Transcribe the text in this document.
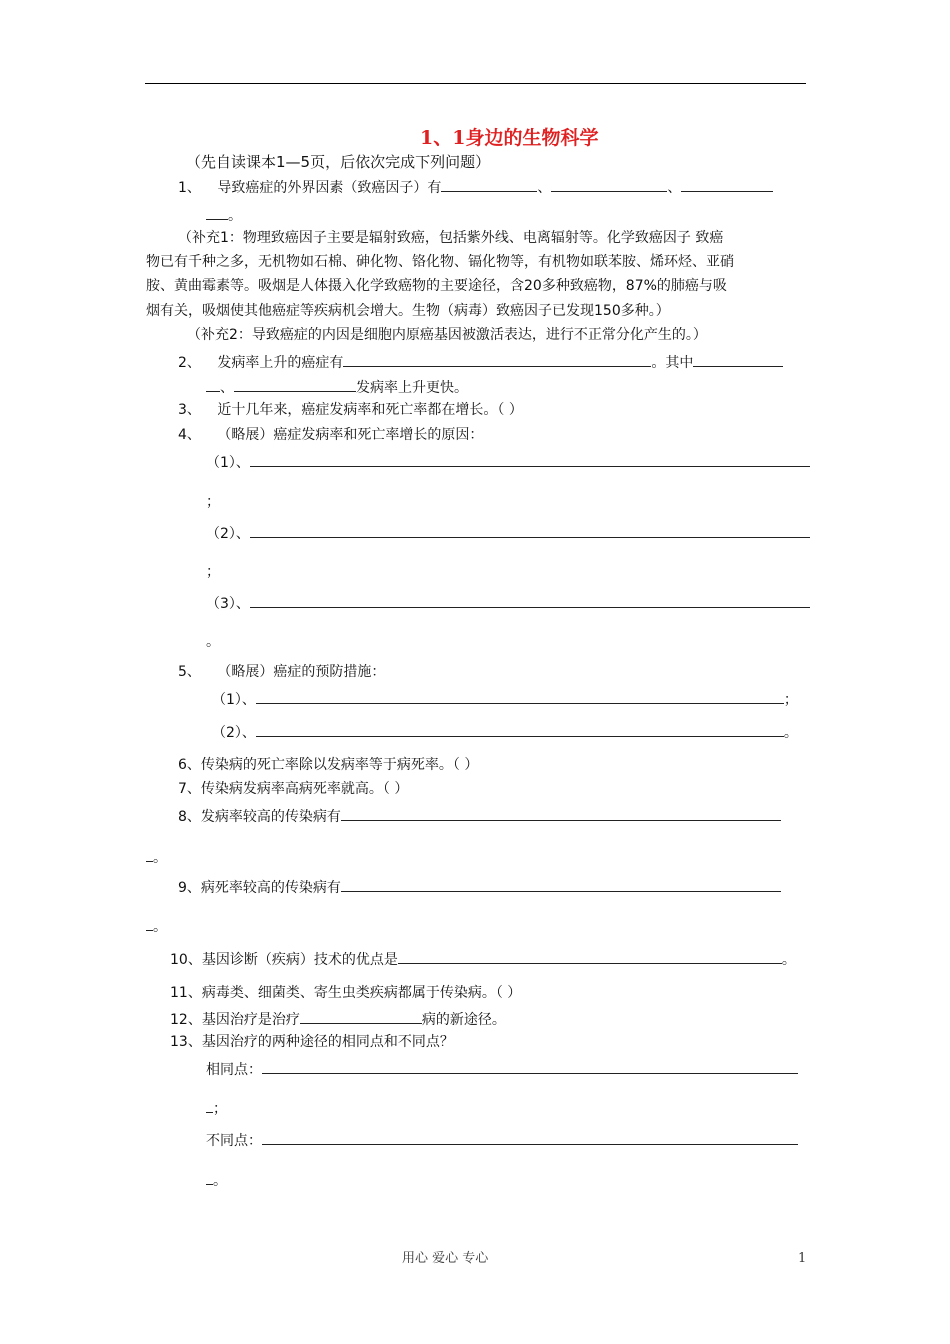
1、1身边的生物科学
（先自读课本1—5页，后依次完成下列问题）
1、 导致癌症的外界因素（致癌因子）有	、	、
。
（补充1：物理致癌因子主要是辐射致癌，包括紫外线、电离辐射等。化学致癌因子 致癌
物已有千种之多，无机物如石棉、砷化物、铬化物、镉化物等，有机物如联苯胺、烯环烃、亚硝
胺、黄曲霉素等。吸烟是人体摄入化学致癌物的主要途径，含20多种致癌物，87%的肺癌与吸
烟有关，吸烟使其他癌症等疾病机会增大。生物（病毒）致癌因子已发现150多种。）
（补充2：导致癌症的内因是细胞内原癌基因被激活表达，进行不正常分化产生的。）
2、 发病率上升的癌症有	。其中
、	发病率上升更快。
3、 近十几年来，癌症发病率和死亡率都在增长。（ ）
4、 （略展）癌症发病率和死亡率增长的原因：
（1）、
；
（2）、
；
（3）、
。
5、 （略展）癌症的预防措施：
（1）、	；
（2）、	。
6、传染病的死亡率除以发病率等于病死率。（ ）
7、传染病发病率高病死率就高。（ ）
8、发病率较高的传染病有
。
9、病死率较高的传染病有
。
10、基因诊断（疾病）技术的优点是	。
11、病毒类、细菌类、寄生虫类疾病都属于传染病。（ ）
12、基因治疗是治疗	病的新途径。
13、基因治疗的两种途径的相同点和不同点？
相同点：
；
不同点：
。
用心 爱心 专心	1
